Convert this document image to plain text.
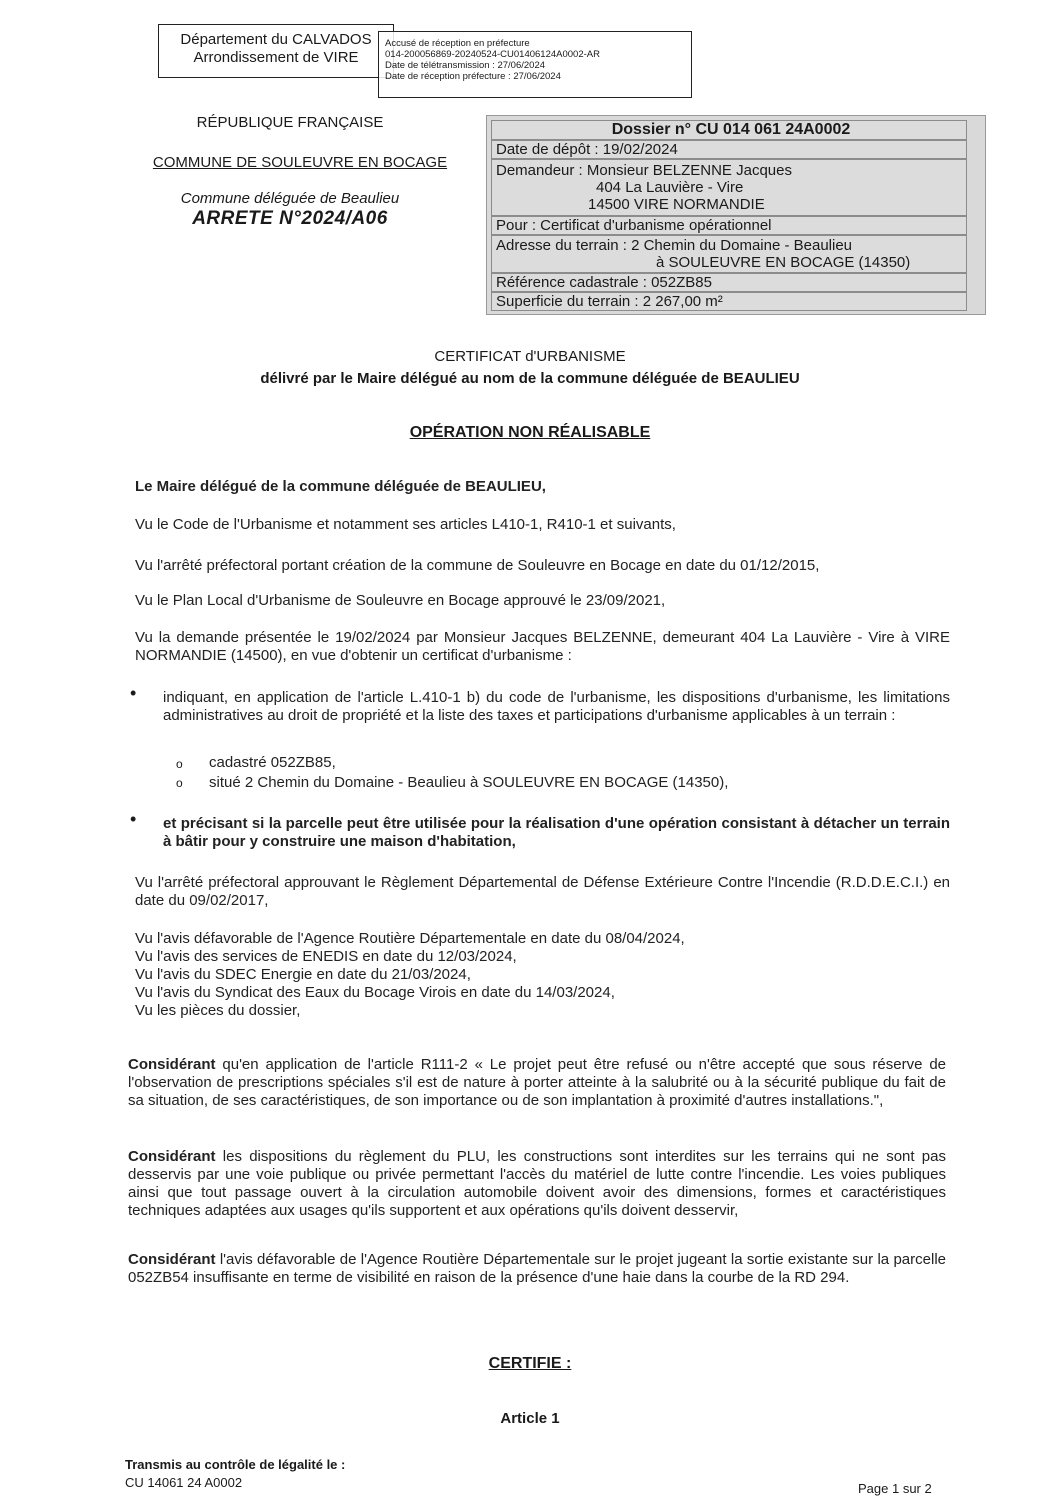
Département du CALVADOS
Arrondissement de VIRE
Accusé de réception en préfecture
014-200056869-20240524-CU01406124A0002-AR
Date de télétransmission : 27/06/2024
Date de réception préfecture : 27/06/2024
RÉPUBLIQUE FRANÇAISE
COMMUNE DE SOULEUVRE EN BOCAGE
Commune déléguée de Beaulieu
ARRETE N°2024/A06
Dossier n° CU 014 061 24A0002
Date de dépôt : 19/02/2024
Demandeur : Monsieur BELZENNE Jacques
404 La Lauvière - Vire
14500 VIRE NORMANDIE
Pour : Certificat d'urbanisme opérationnel
Adresse du terrain : 2 Chemin du Domaine - Beaulieu
à SOULEUVRE EN BOCAGE (14350)
Référence cadastrale : 052ZB85
Superficie du terrain : 2 267,00 m²
CERTIFICAT d'URBANISME
délivré par le Maire délégué au nom de la commune déléguée de BEAULIEU
OPÉRATION NON RÉALISABLE
Le Maire délégué de la commune déléguée de BEAULIEU,
Vu le Code de l'Urbanisme et notamment ses articles L410-1, R410-1 et suivants,
Vu l'arrêté préfectoral portant création de la commune de Souleuvre en Bocage en date du 01/12/2015,
Vu le Plan Local d'Urbanisme de Souleuvre en Bocage approuvé le 23/09/2021,
Vu la demande présentée le 19/02/2024 par Monsieur Jacques BELZENNE, demeurant 404 La Lauvière - Vire à VIRE NORMANDIE (14500), en vue d'obtenir un certificat d'urbanisme :
• indiquant, en application de l'article L.410-1 b) du code de l'urbanisme, les dispositions d'urbanisme, les limitations administratives au droit de propriété et la liste des taxes et participations d'urbanisme applicables à un terrain :
o cadastré 052ZB85,
o situé 2 Chemin du Domaine - Beaulieu à SOULEUVRE EN BOCAGE (14350),
• et précisant si la parcelle peut être utilisée pour la réalisation d'une opération consistant à détacher un terrain à bâtir pour y construire une maison d'habitation,
Vu l'arrêté préfectoral approuvant le Règlement Départemental de Défense Extérieure Contre l'Incendie (R.D.D.E.C.I.) en date du 09/02/2017,
Vu l'avis défavorable de l'Agence Routière Départementale en date du 08/04/2024,
Vu l'avis des services de ENEDIS en date du 12/03/2024,
Vu l'avis du SDEC Energie en date du 21/03/2024,
Vu l'avis du Syndicat des Eaux du Bocage Virois en date du 14/03/2024,
Vu les pièces du dossier,
Considérant qu'en application de l'article R111-2 « Le projet peut être refusé ou n'être accepté que sous réserve de l'observation de prescriptions spéciales s'il est de nature à porter atteinte à la salubrité ou à la sécurité publique du fait de sa situation, de ses caractéristiques, de son importance ou de son implantation à proximité d'autres installations.",
Considérant les dispositions du règlement du PLU, les constructions sont interdites sur les terrains qui ne sont pas desservis par une voie publique ou privée permettant l'accès du matériel de lutte contre l'incendie. Les voies publiques ainsi que tout passage ouvert à la circulation automobile doivent avoir des dimensions, formes et caractéristiques techniques adaptées aux usages qu'ils supportent et aux opérations qu'ils doivent desservir,
Considérant l'avis défavorable de l'Agence Routière Départementale sur le projet jugeant la sortie existante sur la parcelle 052ZB54 insuffisante en terme de visibilité en raison de la présence d'une haie dans la courbe de la RD 294.
CERTIFIE :
Article 1
Transmis au contrôle de légalité le :
CU 14061 24 A0002	Page 1 sur 2
